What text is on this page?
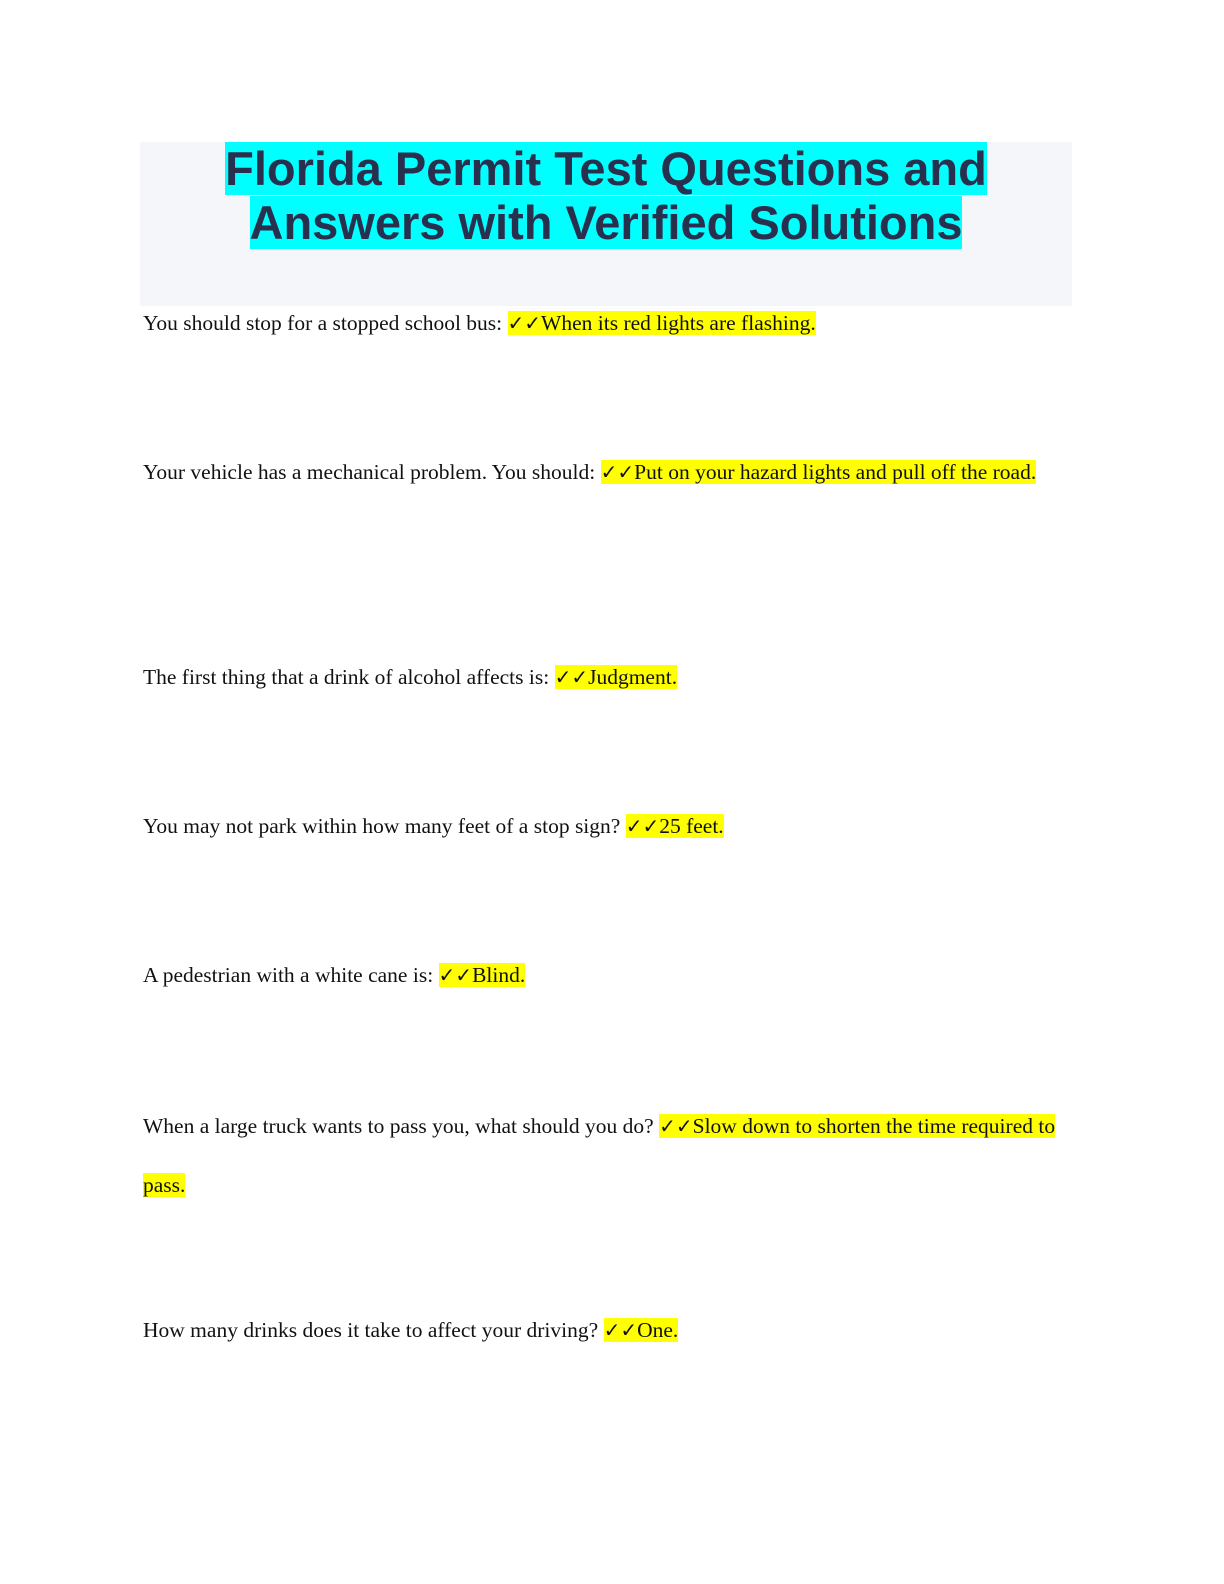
Florida Permit Test Questions and
Answers with Verified Solutions

You should stop for a stopped school bus: ✓✓When its red lights are flashing.

Your vehicle has a mechanical problem. You should: ✓✓Put on your hazard lights and pull off the road.

The first thing that a drink of alcohol affects is: ✓✓Judgment.

You may not park within how many feet of a stop sign? ✓✓25 feet.

A pedestrian with a white cane is: ✓✓Blind.

When a large truck wants to pass you, what should you do? ✓✓Slow down to shorten the time required to pass.

How many drinks does it take to affect your driving? ✓✓One.
